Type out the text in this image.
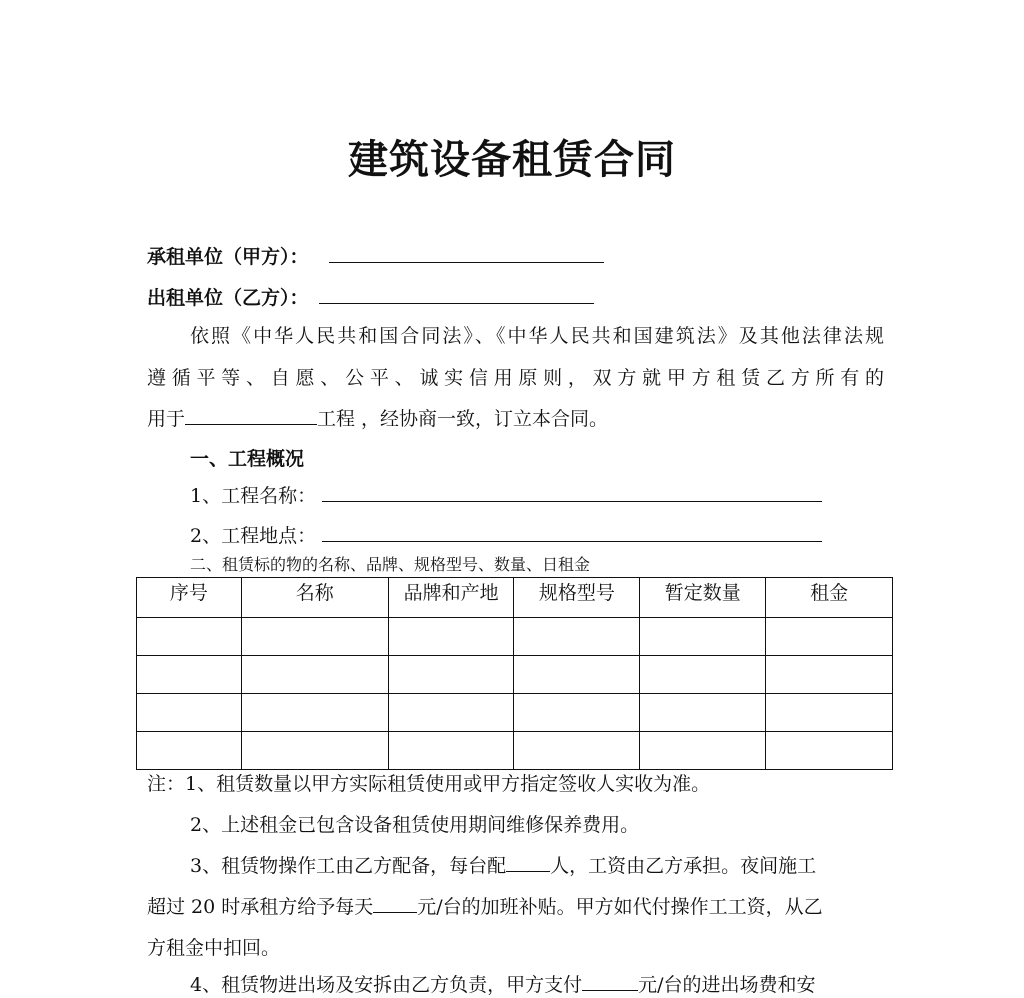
建筑设备租赁合同
承租单位（甲方）：
出租单位（乙方）：
依照《中华人民共和国合同法》、《中华人民共和国建筑法》及其他法律法规
遵循平等、自愿、公平、诚实信用原则，双方就甲方租赁乙方所有的
用于	工程 ，经协商一致，订立本合同。
一、工程概况
1、工程名称：
2、工程地点：
二、租赁标的物的名称、品牌、规格型号、数量、日租金
序号	名称	品牌和产地	规格型号	暂定数量	租金

注：1、租赁数量以甲方实际租赁使用或甲方指定签收人实收为准。
2、上述租金已包含设备租赁使用期间维修保养费用。
3、租赁物操作工由乙方配备，每台配 人，工资由乙方承担。夜间施工
超过 20 时承租方给予每天 元/台的加班补贴。甲方如代付操作工工资，从乙
方租金中扣回。
4、租赁物进出场及安拆由乙方负责，甲方支付	元/台的进出场费和安
